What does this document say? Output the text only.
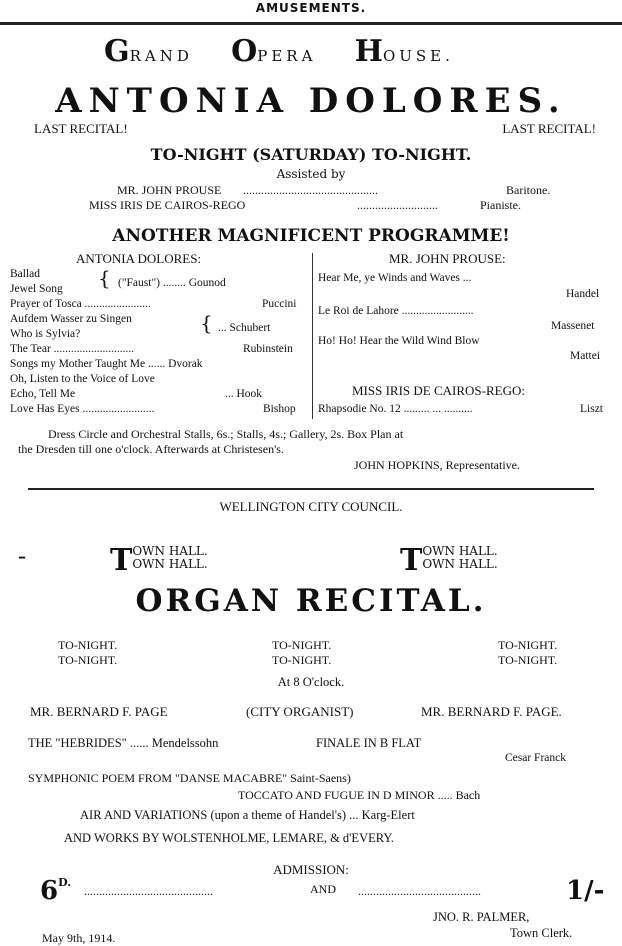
AMUSEMENTS.
GRAND OPERA HOUSE.
ANTONIA DOLORES.
LAST RECITAL!	LAST RECITAL!
TO-NIGHT (SATURDAY) TO-NIGHT.
Assisted by
MR. JOHN PROUSE .............................................	Baritone.
MISS IRIS DE CAIROS-REGO	...........................	Pianiste.
ANOTHER MAGNIFICENT PROGRAMME!
ANTONIA DOLORES:
Ballad
Jewel Song { ("Faust") ........ Gounod
Prayer of Tosca .......................	Puccini
Aufdem Wasser zu Singen
Who is Sylvia?	{ ... Schubert
The Tear ............................	Rubinstein
Songs my Mother Taught Me ...... Dvorak
Oh, Listen to the Voice of Love
Echo, Tell Me	... Hook
Love Has Eyes .........................	Bishop
MR. JOHN PROUSE:
Hear Me, ye Winds and Waves ...
Handel
Le Roi de Lahore .........................
Massenet
Ho! Ho! Hear the Wild Wind Blow
Mattei
MISS IRIS DE CAIROS-REGO:
Rhapsodie No. 12 ......... ... ..........	Liszt
Dress Circle and Orchestral Stalls, 6s.; Stalls, 4s.; Gallery, 2s. Box Plan at
the Dresden till one o'clock. Afterwards at Christesen's.
JOHN HOPKINS, Representative.
WELLINGTON CITY COUNCIL.
–	TOWN HALL.
OWN HALL.	TOWN HALL.
OWN HALL.
ORGAN RECITAL.
TO-NIGHT.
TO-NIGHT.
TO-NIGHT.
TO-NIGHT.
TO-NIGHT.
TO-NIGHT.
At 8 O'clock.
MR. BERNARD F. PAGE	(CITY ORGANIST)	MR. BERNARD F. PAGE.
THE "HEBRIDES" ...... Mendelssohn	FINALE IN B FLAT
Cesar Franck
SYMPHONIC POEM FROM "DANSE MACABRE" Saint-Saens)
TOCCATO AND FUGUE IN D MINOR ..... Bach
AIR AND VARIATIONS (upon a theme of Handel's) ... Karg-Elert
AND WORKS BY WOLSTENHOLME, LEMARE, & d'EVERY.
ADMISSION:
$6^{D.}$
...........................................	AND .........................................	1/-
May 9th, 1914.
JNO. R. PALMER,
Town Clerk.
